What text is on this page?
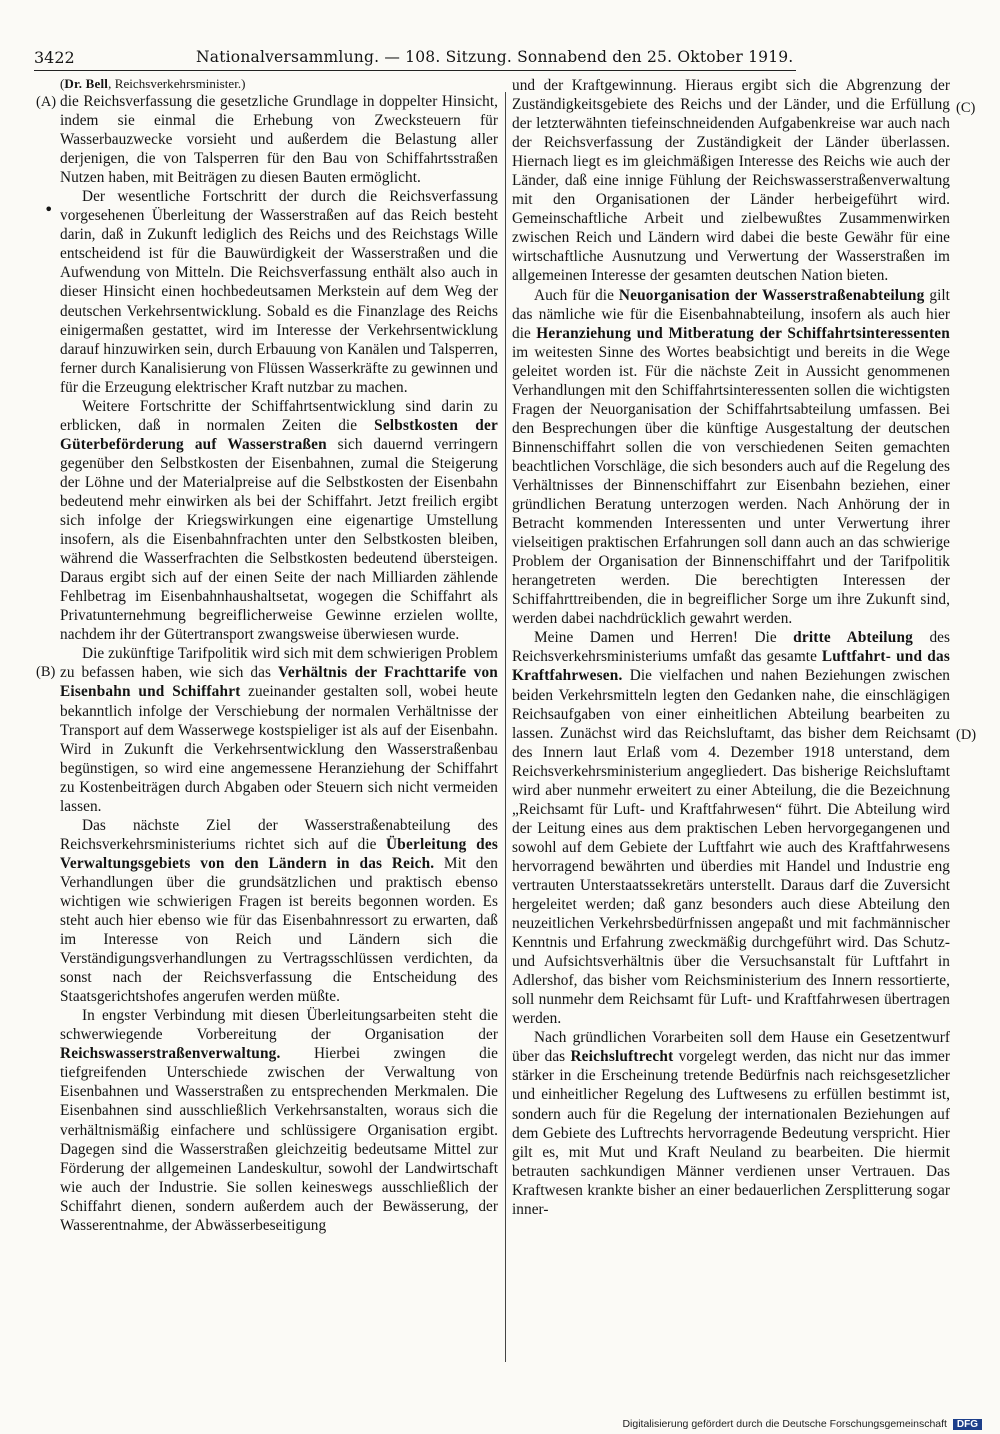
3422	Nationalversammlung. — 108. Sitzung. Sonnabend den 25. Oktober 1919.
(A)
(B)
(C)
(D)
•

(Dr. Bell, Reichsverkehrsminister.)

die Reichsverfassung die gesetzliche Grundlage in doppelter Hinsicht, indem sie einmal die Erhebung von Zwecksteuern für Wasserbauzwecke vorsieht und außerdem die Belastung aller derjenigen, die von Talsperren für den Bau von Schiffahrtsstraßen Nutzen haben, mit Beiträgen zu diesen Bauten ermöglicht.

Der wesentliche Fortschritt der durch die Reichsverfassung vorgesehenen Überleitung der Wasserstraßen auf das Reich besteht darin, daß in Zukunft lediglich des Reichs und des Reichstags Wille entscheidend ist für die Bauwürdigkeit der Wasserstraßen und die Aufwendung von Mitteln. Die Reichsverfassung enthält also auch in dieser Hinsicht einen hochbedeutsamen Merkstein auf dem Weg der deutschen Verkehrsentwicklung. Sobald es die Finanzlage des Reichs einigermaßen gestattet, wird im Interesse der Verkehrsentwicklung darauf hinzuwirken sein, durch Erbauung von Kanälen und Talsperren, ferner durch Kanalisierung von Flüssen Wasserkräfte zu gewinnen und für die Erzeugung elektrischer Kraft nutzbar zu machen.

Weitere Fortschritte der Schiffahrtsentwicklung sind darin zu erblicken, daß in normalen Zeiten die Selbstkosten der Güterbeförderung auf Wasserstraßen sich dauernd verringern gegenüber den Selbstkosten der Eisenbahnen, zumal die Steigerung der Löhne und der Materialpreise auf die Selbstkosten der Eisenbahn bedeutend mehr einwirken als bei der Schiffahrt. Jetzt freilich ergibt sich infolge der Kriegswirkungen eine eigenartige Umstellung insofern, als die Eisenbahnfrachten unter den Selbstkosten bleiben, während die Wasserfrachten die Selbstkosten bedeutend übersteigen. Daraus ergibt sich auf der einen Seite der nach Milliarden zählende Fehlbetrag im Eisenbahnhaushaltsetat, wogegen die Schiffahrt als Privatunternehmung begreiflicherweise Gewinne erzielen wollte, nachdem ihr der Gütertransport zwangsweise überwiesen wurde.

Die zukünftige Tarifpolitik wird sich mit dem schwierigen Problem zu befassen haben, wie sich das Verhältnis der Frachttarife von Eisenbahn und Schiffahrt zueinander gestalten soll, wobei heute bekanntlich infolge der Verschiebung der normalen Verhältnisse der Transport auf dem Wasserwege kostspieliger ist als auf der Eisenbahn. Wird in Zukunft die Verkehrsentwicklung den Wasserstraßenbau begünstigen, so wird eine angemessene Heranziehung der Schiffahrt zu Kostenbeiträgen durch Abgaben oder Steuern sich nicht vermeiden lassen.

Das nächste Ziel der Wasserstraßenabteilung des Reichsverkehrsministeriums richtet sich auf die Überleitung des Verwaltungsgebiets von den Ländern in das Reich. Mit den Verhandlungen über die grundsätzlichen und praktisch ebenso wichtigen wie schwierigen Fragen ist bereits begonnen worden. Es steht auch hier ebenso wie für das Eisenbahnressort zu erwarten, daß im Interesse von Reich und Ländern sich die Verständigungsverhandlungen zu Vertragsschlüssen verdichten, da sonst nach der Reichsverfassung die Entscheidung des Staatsgerichtshofes angerufen werden müßte.

In engster Verbindung mit diesen Überleitungsarbeiten steht die schwerwiegende Vorbereitung der Organisation der Reichswasserstraßenverwaltung. Hierbei zwingen die tiefgreifenden Unterschiede zwischen der Verwaltung von Eisenbahnen und Wasserstraßen zu entsprechenden Merkmalen. Die Eisenbahnen sind ausschließlich Verkehrsanstalten, woraus sich die verhältnismäßig einfachere und schlüssigere Organisation ergibt. Dagegen sind die Wasserstraßen gleichzeitig bedeutsame Mittel zur Förderung der allgemeinen Landeskultur, sowohl der Landwirtschaft wie auch der Industrie. Sie sollen keineswegs ausschließlich der Schiffahrt dienen, sondern außerdem auch der Bewässerung, der Wasserentnahme, der Abwässerbeseitigung

und der Kraftgewinnung. Hieraus ergibt sich die Abgrenzung der Zuständigkeitsgebiete des Reichs und der Länder, und die Erfüllung der letzterwähnten tiefeinschneidenden Aufgabenkreise war auch nach der Reichsverfassung der Zuständigkeit der Länder überlassen. Hiernach liegt es im gleichmäßigen Interesse des Reichs wie auch der Länder, daß eine innige Fühlung der Reichswasserstraßenverwaltung mit den Organisationen der Länder herbeigeführt wird. Gemeinschaftliche Arbeit und zielbewußtes Zusammenwirken zwischen Reich und Ländern wird dabei die beste Gewähr für eine wirtschaftliche Ausnutzung und Verwertung der Wasserstraßen im allgemeinen Interesse der gesamten deutschen Nation bieten.

Auch für die Neuorganisation der Wasserstraßenabteilung gilt das nämliche wie für die Eisenbahnabteilung, insofern als auch hier die Heranziehung und Mitberatung der Schiffahrtsinteressenten im weitesten Sinne des Wortes beabsichtigt und bereits in die Wege geleitet worden ist. Für die nächste Zeit in Aussicht genommenen Verhandlungen mit den Schiffahrtsinteressenten sollen die wichtigsten Fragen der Neuorganisation der Schiffahrtsabteilung umfassen. Bei den Besprechungen über die künftige Ausgestaltung der deutschen Binnenschiffahrt sollen die von verschiedenen Seiten gemachten beachtlichen Vorschläge, die sich besonders auch auf die Regelung des Verhältnisses der Binnenschiffahrt zur Eisenbahn beziehen, einer gründlichen Beratung unterzogen werden. Nach Anhörung der in Betracht kommenden Interessenten und unter Verwertung ihrer vielseitigen praktischen Erfahrungen soll dann auch an das schwierige Problem der Organisation der Binnenschiffahrt und der Tarifpolitik herangetreten werden. Die berechtigten Interessen der Schiffahrttreibenden, die in begreiflicher Sorge um ihre Zukunft sind, werden dabei nachdrücklich gewahrt werden.

Meine Damen und Herren! Die dritte Abteilung des Reichsverkehrsministeriums umfaßt das gesamte Luftfahrt- und das Kraftfahrwesen. Die vielfachen und nahen Beziehungen zwischen beiden Verkehrsmitteln legten den Gedanken nahe, die einschlägigen Reichsaufgaben von einer einheitlichen Abteilung bearbeiten zu lassen. Zunächst wird das Reichsluftamt, das bisher dem Reichsamt des Innern laut Erlaß vom 4. Dezember 1918 unterstand, dem Reichsverkehrsministerium angegliedert. Das bisherige Reichsluftamt wird aber nunmehr erweitert zu einer Abteilung, die die Bezeichnung „Reichsamt für Luft- und Kraftfahrwesen“ führt. Die Abteilung wird der Leitung eines aus dem praktischen Leben hervorgegangenen und sowohl auf dem Gebiete der Luftfahrt wie auch des Kraftfahrwesens hervorragend bewährten und überdies mit Handel und Industrie eng vertrauten Unterstaatssekretärs unterstellt. Daraus darf die Zuversicht hergeleitet werden; daß ganz besonders auch diese Abteilung den neuzeitlichen Verkehrsbedürfnissen angepaßt und mit fachmännischer Kenntnis und Erfahrung zweckmäßig durchgeführt wird. Das Schutz- und Aufsichtsverhältnis über die Versuchsanstalt für Luftfahrt in Adlershof, das bisher vom Reichsministerium des Innern ressortierte, soll nunmehr dem Reichsamt für Luft- und Kraftfahrwesen übertragen werden.

Nach gründlichen Vorarbeiten soll dem Hause ein Gesetzentwurf über das Reichsluftrecht vorgelegt werden, das nicht nur das immer stärker in die Erscheinung tretende Bedürfnis nach reichsgesetzlicher und einheitlicher Regelung des Luftwesens zu erfüllen bestimmt ist, sondern auch für die Regelung der internationalen Beziehungen auf dem Gebiete des Luftrechts hervorragende Bedeutung verspricht. Hier gilt es, mit Mut und Kraft Neuland zu bearbeiten. Die hiermit betrauten sachkundigen Männer verdienen unser Vertrauen. Das Kraftwesen krankte bisher an einer bedauerlichen Zersplitterung sogar inner-

Digitalisierung gefördert durch die Deutsche Forschungsgemeinschaft DFG
